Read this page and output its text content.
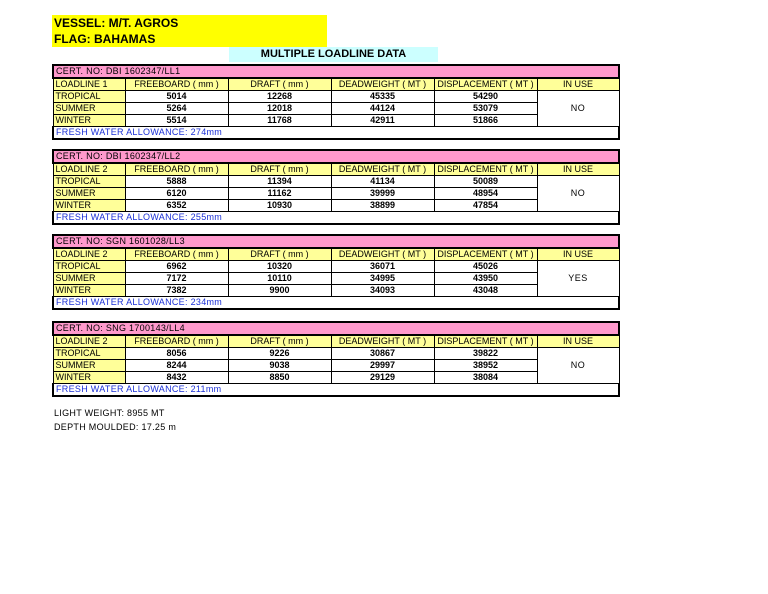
VESSEL: M/T. AGROS
FLAG: BAHAMAS
MULTIPLE LOADLINE DATA
CERT. NO: DBI 1602347/LL1					
LOADLINE 1	FREEBOARD ( mm )	DRAFT ( mm )	DEADWEIGHT ( MT )	DISPLACEMENT ( MT )	IN USE
TROPICAL	5014	12268	45335	54290	NO
SUMMER	5264	12018	44124	53079	
WINTER	5514	11768	42911	51866	
FRESH WATER ALLOWANCE: 274mm					
CERT. NO: DBI 1602347/LL2					
LOADLINE 2	FREEBOARD ( mm )	DRAFT ( mm )	DEADWEIGHT ( MT )	DISPLACEMENT ( MT )	IN USE
TROPICAL	5888	11394	41134	50089	NO
SUMMER	6120	11162	39999	48954	
WINTER	6352	10930	38899	47854	
FRESH WATER ALLOWANCE: 255mm					
CERT. NO: SGN 1601028/LL3					
LOADLINE 2	FREEBOARD ( mm )	DRAFT ( mm )	DEADWEIGHT ( MT )	DISPLACEMENT ( MT )	IN USE
TROPICAL	6962	10320	36071	45026	YES
SUMMER	7172	10110	34995	43950	
WINTER	7382	9900	34093	43048	
FRESH WATER ALLOWANCE: 234mm					
CERT. NO: SNG 1700143/LL4					
LOADLINE 2	FREEBOARD ( mm )	DRAFT ( mm )	DEADWEIGHT ( MT )	DISPLACEMENT ( MT )	IN USE
TROPICAL	8056	9226	30867	39822	NO
SUMMER	8244	9038	29997	38952	
WINTER	8432	8850	29129	38084	
FRESH WATER ALLOWANCE: 211mm					
LIGHT WEIGHT: 8955 MT
DEPTH MOULDED: 17.25 m
